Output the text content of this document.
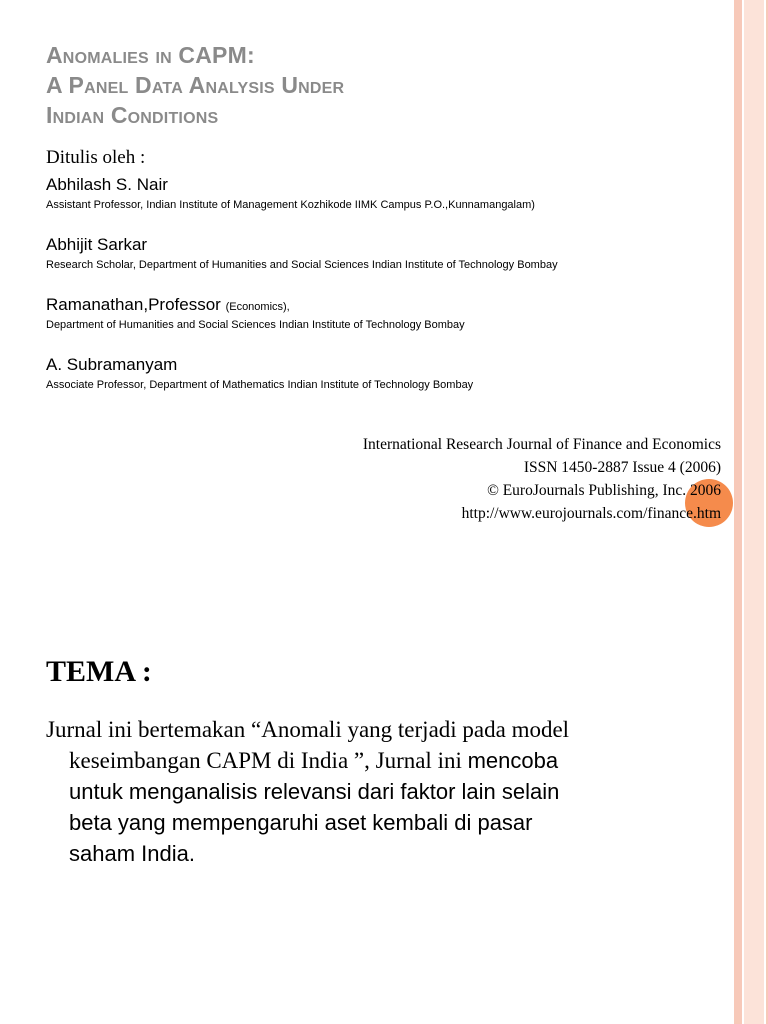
Anomalies in CAPM:
A Panel Data Analysis Under
Indian Conditions
Ditulis oleh :
Abhilash S. Nair
Assistant Professor, Indian Institute of Management Kozhikode IIMK Campus P.O.,Kunnamangalam)
Abhijit Sarkar
Research Scholar, Department of Humanities and Social Sciences Indian Institute of Technology Bombay
Ramanathan,Professor (Economics),
Department of Humanities and Social Sciences Indian Institute of Technology Bombay
A. Subramanyam
Associate Professor, Department of Mathematics Indian Institute of Technology Bombay
International Research Journal of Finance and Economics
ISSN 1450-2887 Issue 4 (2006)
© EuroJournals Publishing, Inc. 2006
http://www.eurojournals.com/finance.htm
TEMA :
Jurnal ini bertemakan “Anomali yang terjadi pada model
keseimbangan CAPM di India ”, Jurnal ini mencoba
untuk menganalisis relevansi dari faktor lain selain
beta yang mempengaruhi aset kembali di pasar
saham India.
